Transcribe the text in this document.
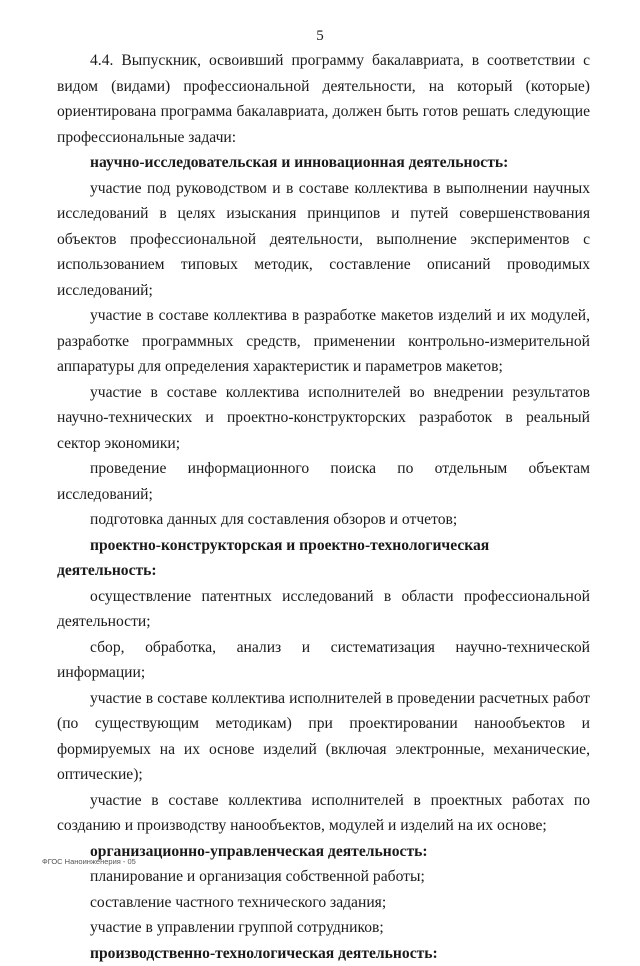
5

4.4. Выпускник, освоивший программу бакалавриата, в соответствии с видом (видами) профессиональной деятельности, на который (которые) ориентирована программа бакалавриата, должен быть готов решать следующие профессиональные задачи:

научно-исследовательская и инновационная деятельность:

участие под руководством и в составе коллектива в выполнении научных исследований в целях изыскания принципов и путей совершенствования объектов профессиональной деятельности, выполнение экспериментов с использованием типовых методик, составление описаний проводимых исследований;

участие в составе коллектива в разработке макетов изделий и их модулей, разработке программных средств, применении контрольно-измерительной аппаратуры для определения характеристик и параметров макетов;

участие в составе коллектива исполнителей во внедрении результатов научно-технических и проектно-конструкторских разработок в реальный сектор экономики;

проведение информационного поиска по отдельным объектам исследований;

подготовка данных для составления обзоров и отчетов;

проектно-конструкторская и проектно-технологическая деятельность:

осуществление патентных исследований в области профессиональной деятельности;

сбор, обработка, анализ и систематизация научно-технической информации;

участие в составе коллектива исполнителей в проведении расчетных работ (по существующим методикам) при проектировании нанообъектов и формируемых на их основе изделий (включая электронные, механические, оптические);

участие в составе коллектива исполнителей в проектных работах по созданию и производству нанообъектов, модулей и изделий на их основе;

организационно-управленческая деятельность:

планирование и организация собственной работы;

составление частного технического задания;

участие в управлении группой сотрудников;

производственно-технологическая деятельность:

ФГОС Наноинженерия - 05
